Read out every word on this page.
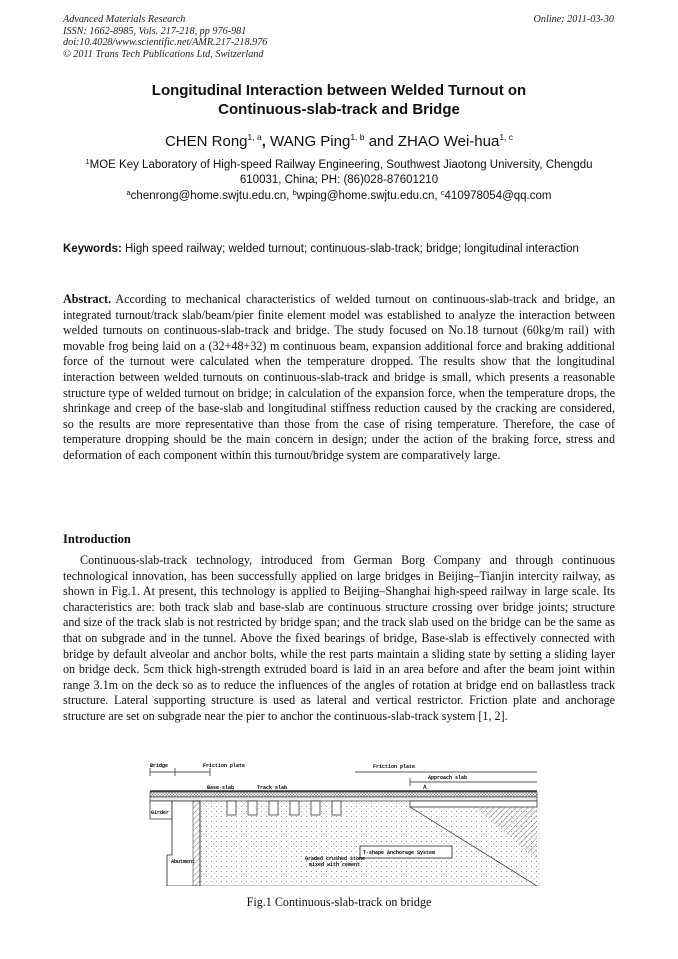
Advanced Materials Research
ISSN: 1662-8985, Vols. 217-218, pp 976-981
doi:10.4028/www.scientific.net/AMR.217-218.976
© 2011 Trans Tech Publications Ltd, Switzerland
Online: 2011-03-30
Longitudinal Interaction between Welded Turnout on
Continuous-slab-track and Bridge
CHEN Rong$^{1, a}$, WANG Ping$^{1, b}$ and ZHAO Wei-hua$^{1, c}$
$^1$MOE Key Laboratory of High-speed Railway Engineering, Southwest Jiaotong University, Chengdu
610031, China; PH: (86)028-87601210
$^a$chenrong@home.swjtu.edu.cn, $^b$wping@home.swjtu.edu.cn, $^c$410978054@qq.com
Keywords: High speed railway; welded turnout; continuous-slab-track; bridge; longitudinal interaction
Abstract. According to mechanical characteristics of welded turnout on continuous-slab-track and bridge, an integrated turnout/track slab/beam/pier finite element model was established to analyze the interaction between welded turnouts on continuous-slab-track and bridge. The study focused on No.18 turnout (60kg/m rail) with movable frog being laid on a (32+48+32) m continuous beam, expansion additional force and braking additional force of the turnout were calculated when the temperature dropped. The results show that the longitudinal interaction between welded turnouts on continuous-slab-track and bridge is small, which presents a reasonable structure type of welded turnout on bridge; in calculation of the expansion force, when the temperature drops, the shrinkage and creep of the base-slab and longitudinal stiffness reduction caused by the cracking are considered, so the results are more representative than those from the case of rising temperature. Therefore, the case of temperature dropping should be the main concern in design; under the action of the braking force, stress and deformation of each component within this turnout/bridge system are comparatively large.
Introduction
Continuous-slab-track technology, introduced from German Borg Company and through continuous technological innovation, has been successfully applied on large bridges in Beijing–Tianjin intercity railway, as shown in Fig.1. At present, this technology is applied to Beijing–Shanghai high-speed railway in large scale. Its characteristics are: both track slab and base-slab are continuous structure crossing over bridge joints; structure and size of the track slab is not restricted by bridge span; and the track slab used on the bridge can be the same as that on subgrade and in the tunnel. Above the fixed bearings of bridge, Base-slab is effectively connected with bridge by default alveolar and anchor bolts, while the rest parts maintain a sliding state by setting a sliding layer on bridge deck. 5cm thick high-strength extruded board is laid in an area before and after the beam joint within range 3.1m on the deck so as to reduce the influences of the angles of rotation at bridge end on ballastless track structure. Lateral supporting structure is used as lateral and vertical restrictor. Friction plate and anchorage structure are set on subgrade near the pier to anchor the continuous-slab-track system [1, 2].
Bridge	Friction plate	Friction plate
Approach slab
Base-slab	Track slab	A
Girder
Abutment
T-shape Anchorage System
Graded crushed stone
mixed with cement
Fig.1 Continuous-slab-track on bridge
